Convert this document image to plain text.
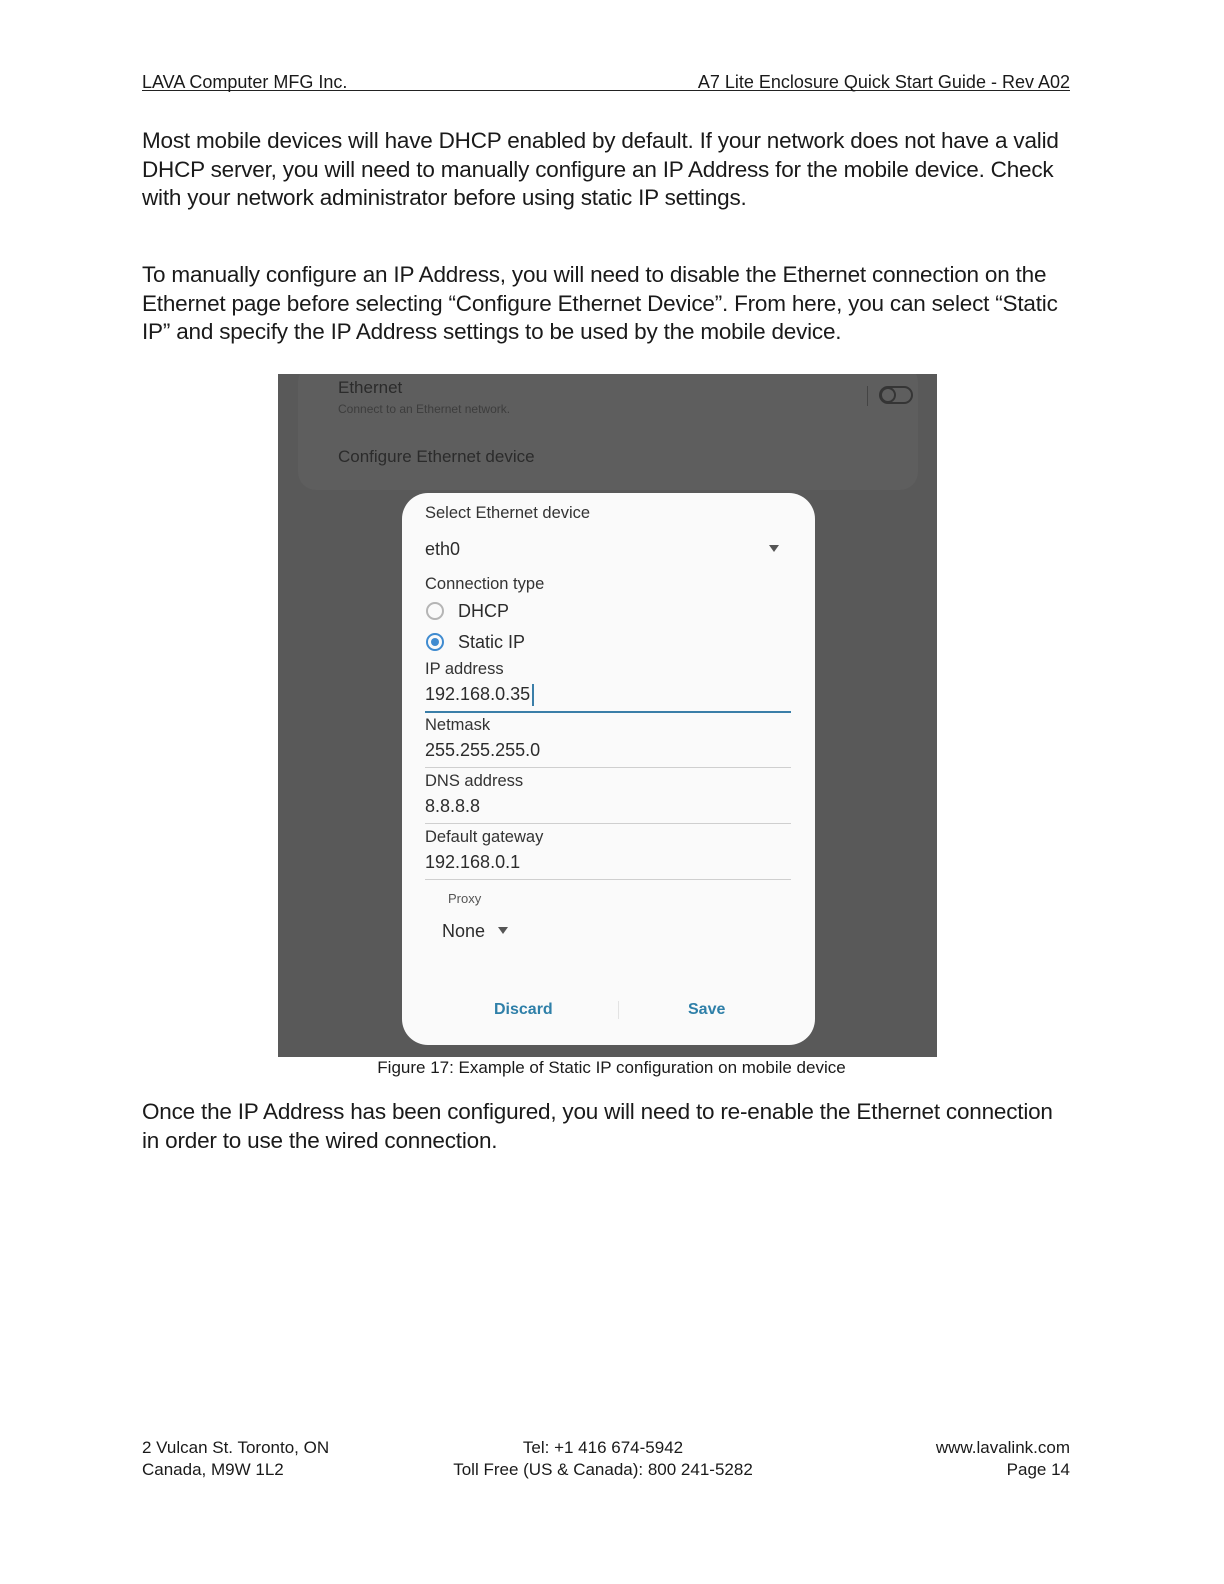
LAVA Computer MFG Inc.	A7 Lite Enclosure Quick Start Guide - Rev A02

Most mobile devices will have DHCP enabled by default. If your network does not have a valid DHCP server, you will need to manually configure an IP Address for the mobile device. Check with your network administrator before using static IP settings.

To manually configure an IP Address, you will need to disable the Ethernet connection on the Ethernet page before selecting “Configure Ethernet Device”. From here, you can select “Static IP” and specify the IP Address settings to be used by the mobile device.

Ethernet
Connect to an Ethernet network.
Configure Ethernet device
Select Ethernet device
eth0
Connection type
DHCP
Static IP
IP address
192.168.0.35
Netmask
255.255.255.0
DNS address
8.8.8.8
Default gateway
192.168.0.1
Proxy
None
Discard	Save
Figure 17: Example of Static IP configuration on mobile device

Once the IP Address has been configured, you will need to re-enable the Ethernet connection in order to use the wired connection.

2 Vulcan St. Toronto, ON
Canada, M9W 1L2
Tel: +1 416 674-5942
Toll Free (US & Canada): 800 241-5282
www.lavalink.com
Page 14
